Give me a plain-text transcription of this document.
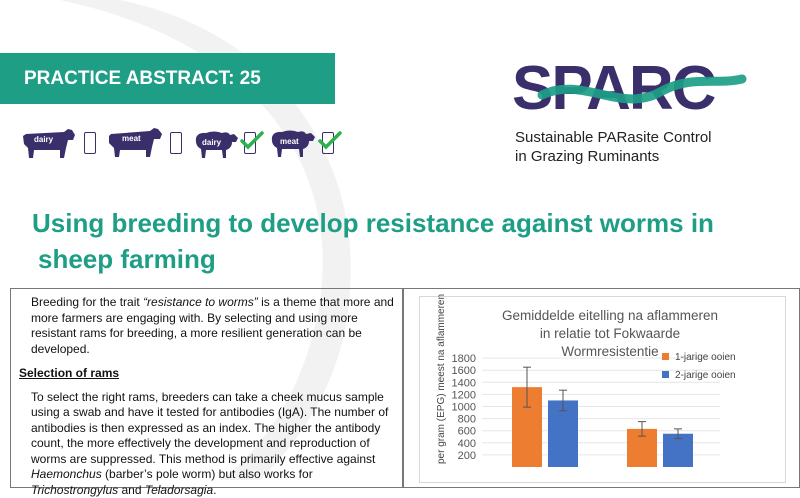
PRACTICE ABSTRACT: 25
dairy	meat	dairy	meat
SPARC
Sustainable PARasite Control
in Grazing Ruminants
Using breeding to develop resistance against worms in
sheep farming

Breeding for the trait “resistance to worms” is a theme that more and more farmers are engaging with. By selecting and using more resistant rams for breeding, a more resilient generation can be developed.

Selection of rams

To select the right rams, breeders can take a cheek mucus sample using a swab and have it tested for antibodies (IgA). The number of antibodies is then expressed as an index. The higher the antibody count, the more effectively the development and reproduction of worms are suppressed. This method is primarily effective against Haemonchus (barber’s pole worm) but also works for Trichostrongylus and Teladorsagia.

Gemiddelde eitelling na aflammeren
in relatie tot Fokwaarde
Wormresistentie
per gram (EPG) meest na aflammeren 200
400
600
800
1000
1200
1400
1600
1800	1-jarige ooien
2-jarige ooien
